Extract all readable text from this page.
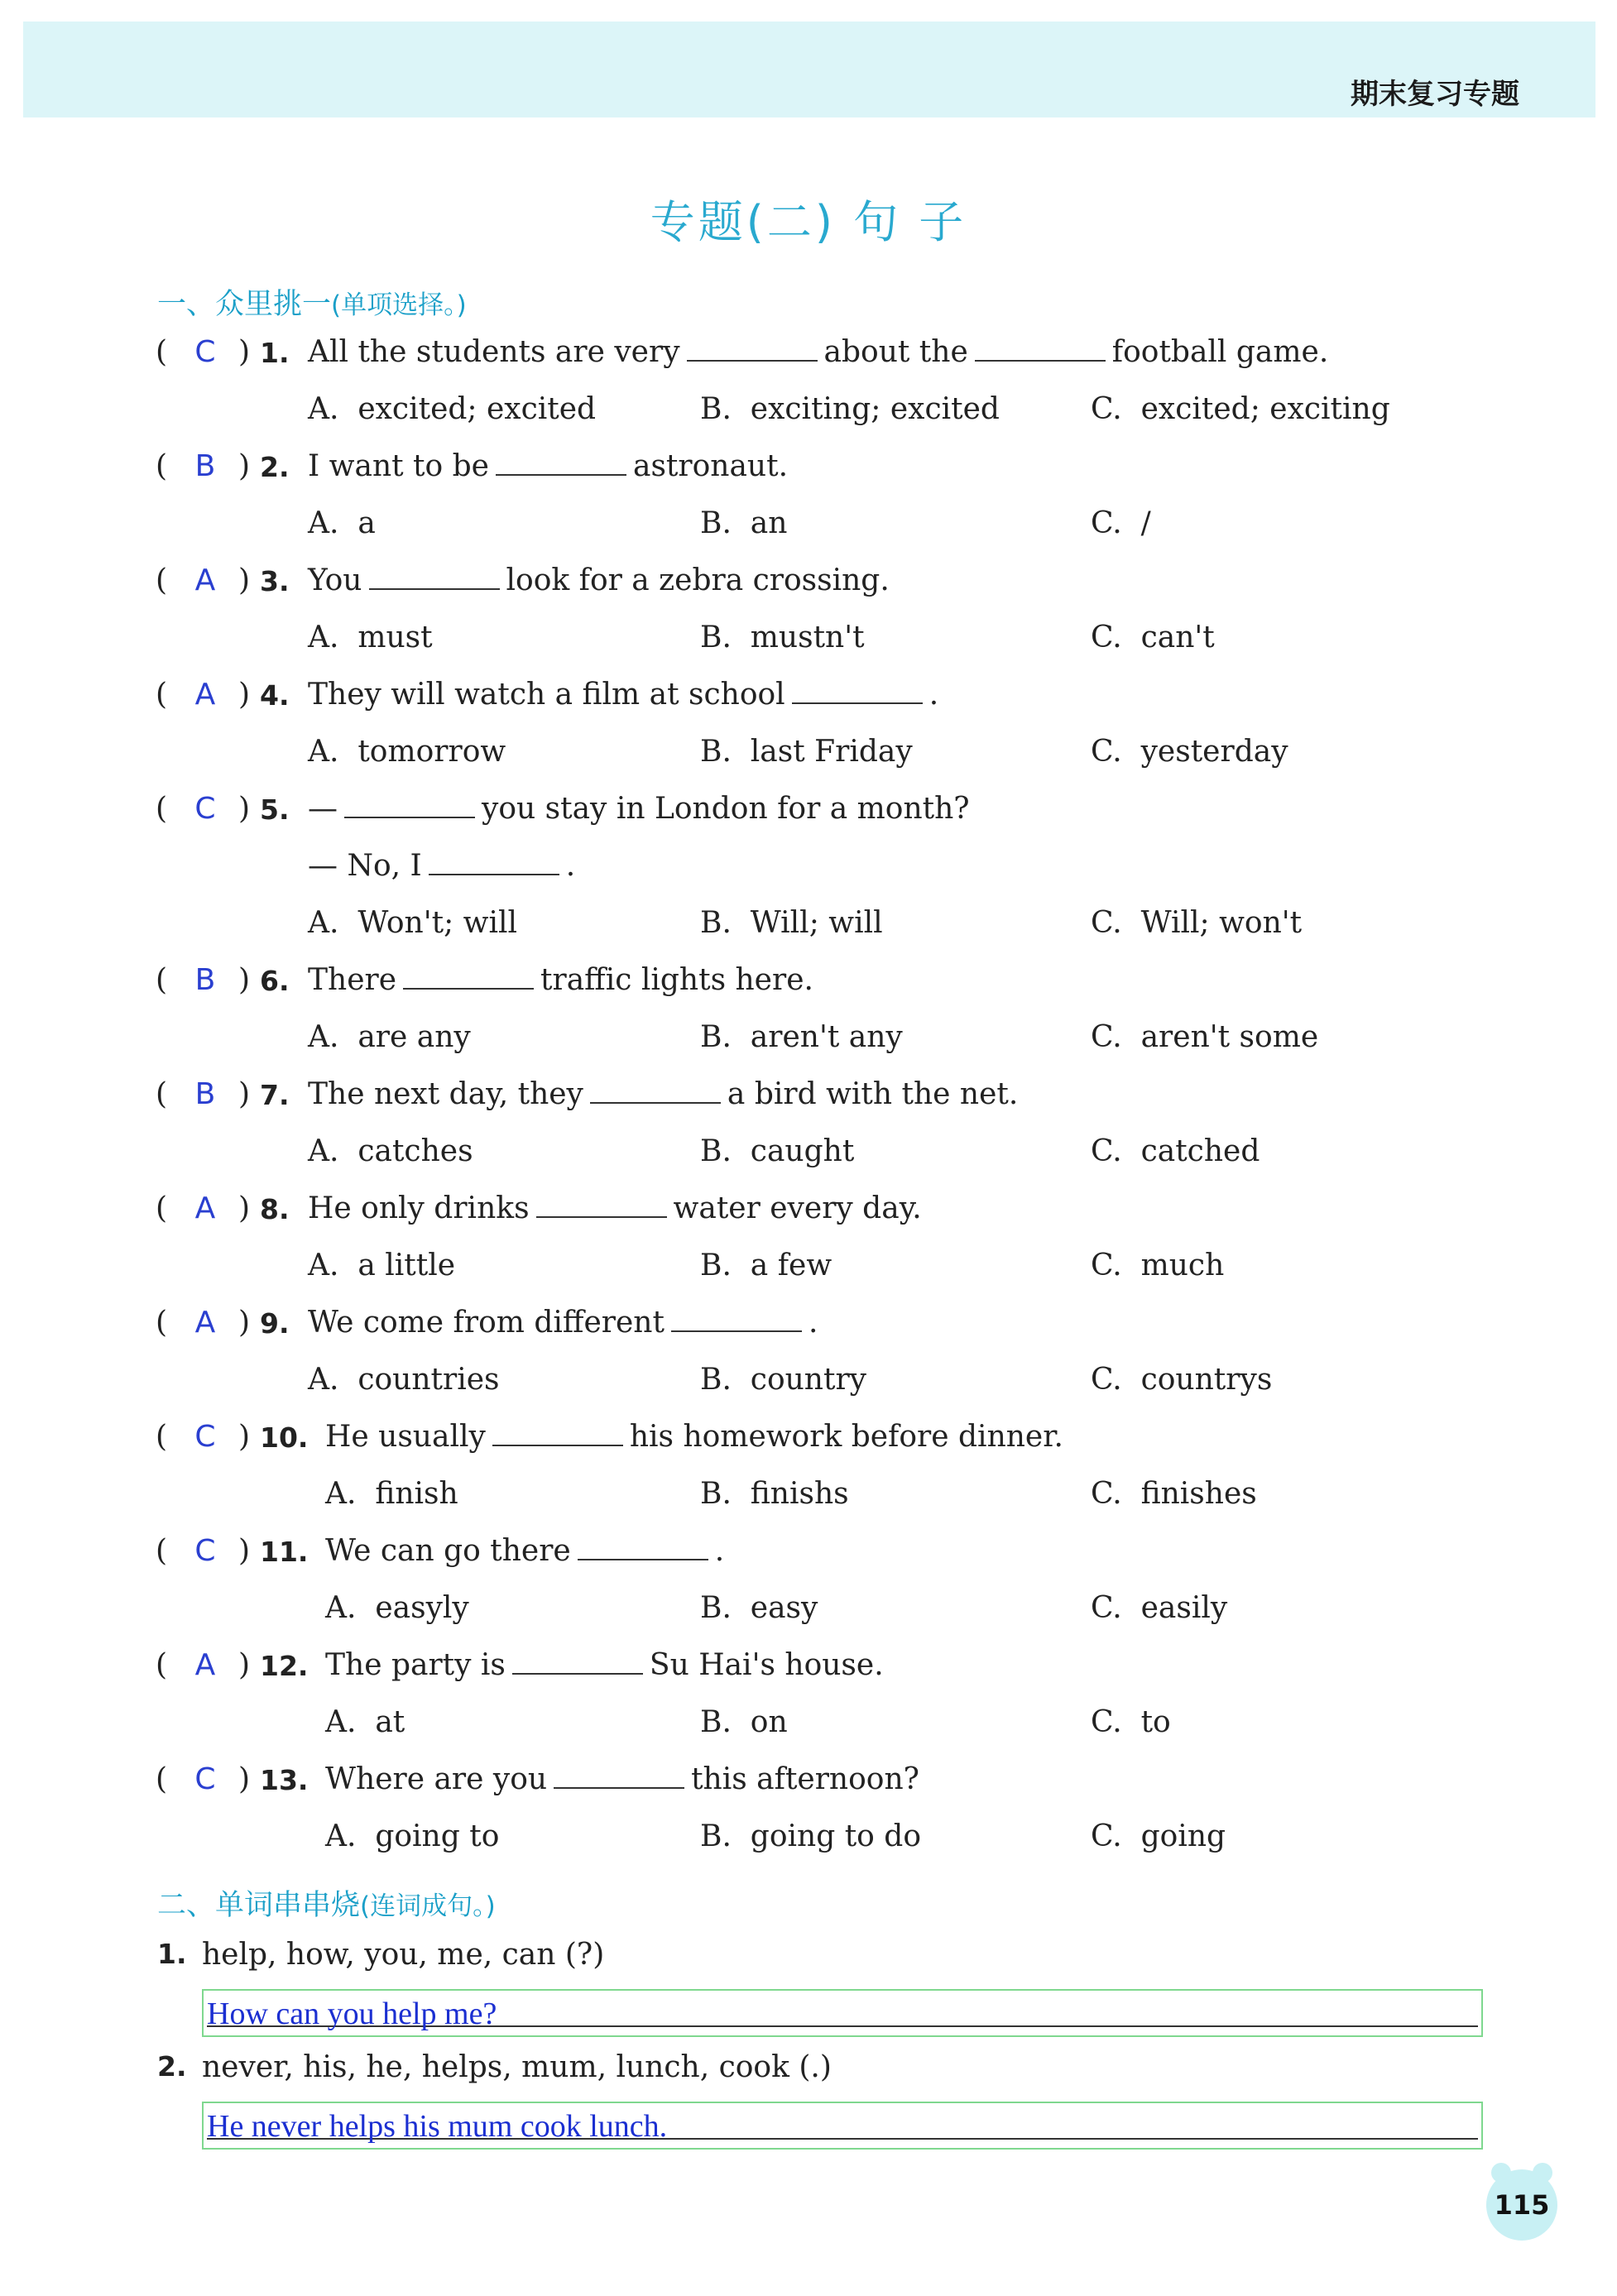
期末复习专题
专题(二) 句 子
一、众里挑一(单项选择。)
( C ) 1. All the students are very	about the	football game.
A.  excited; excited	B.  exciting; excited	C.  excited; exciting
( B ) 2. I want to be	astronaut.
A.  a	B.  an	C.  /
( A ) 3. You	look for a zebra crossing.
A.  must	B.  mustn't	C.  can't
( A ) 4. They will watch a film at school	.
A.  tomorrow	B.  last Friday	C.  yesterday
( C ) 5. —	you stay in London for a month?
— No, I	.
A.  Won't; will	B.  Will; will	C.  Will; won't
( B ) 6. There	traffic lights here.
A.  are any	B.  aren't any	C.  aren't some
( B ) 7. The next day, they	a bird with the net.
A.  catches	B.  caught	C.  catched
( A ) 8. He only drinks	water every day.
A.  a little	B.  a few	C.  much
( A ) 9. We come from different	.
A.  countries	B.  country	C.  countrys
( C ) 10. He usually	his homework before dinner.
A.  finish	B.  finishs	C.  finishes
( C ) 11. We can go there	.
A.  easyly	B.  easy	C.  easily
( A ) 12. The party is	Su Hai's house.
A.  at	B.  on	C.  to
( C ) 13. Where are you	this afternoon?
A.  going to	B.  going to do	C.  going
二、单词串串烧(连词成句。)
1. help, how, you, me, can (?)
How can you help me?
2. never, his, he, helps, mum, lunch, cook (.)
He never helps his mum cook lunch.
115
